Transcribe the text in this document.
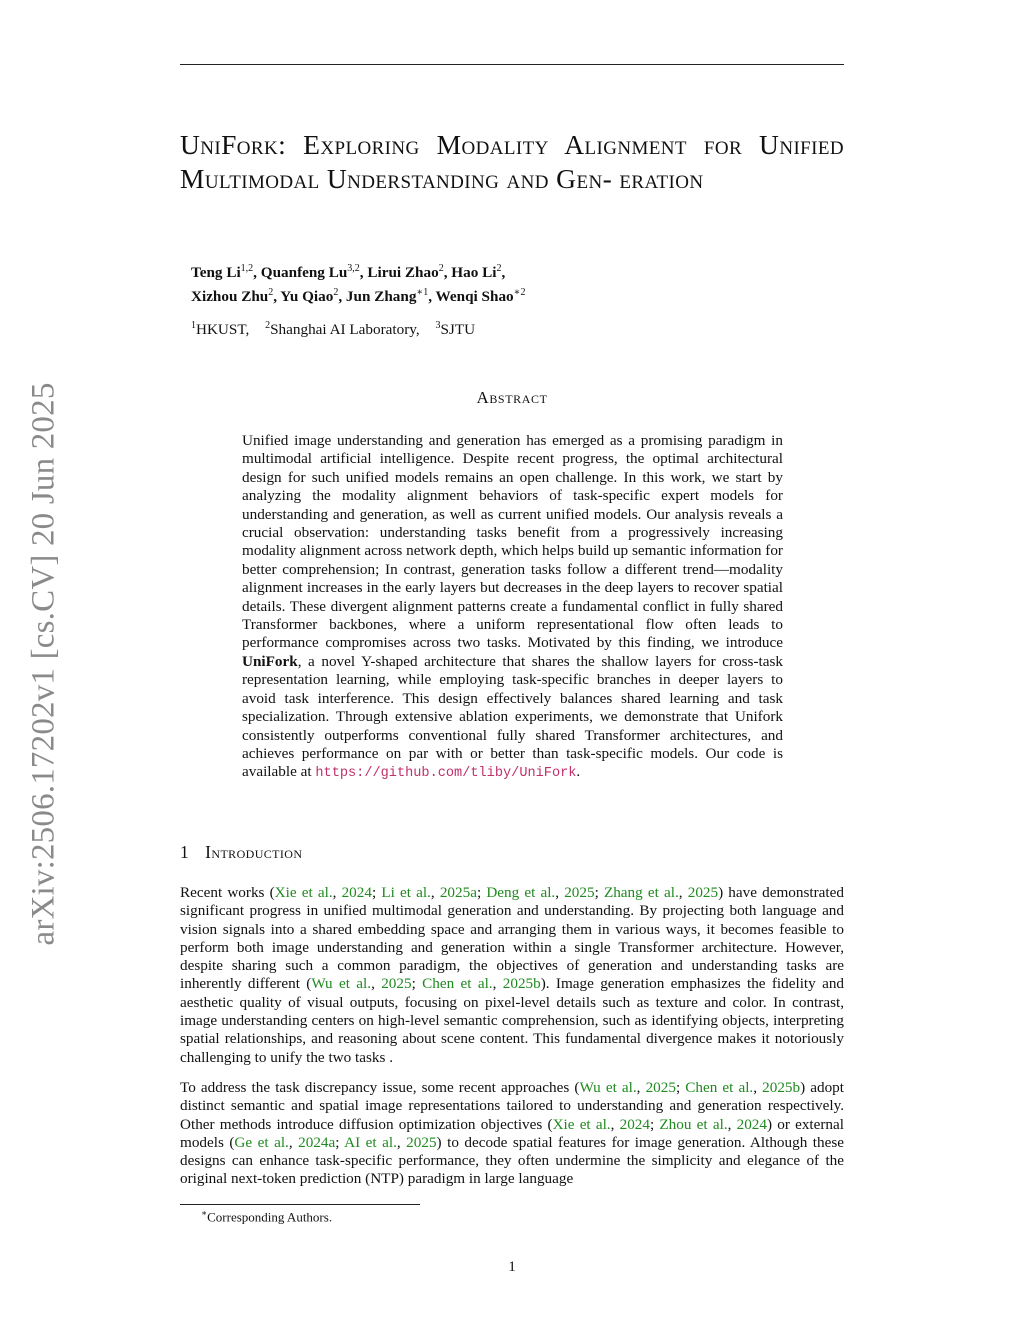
arXiv:2506.17202v1 [cs.CV] 20 Jun 2025
UniFork: Exploring Modality Alignment for Unified Multimodal Understanding and Gen- eration
Teng Li$^{1,2}$, Quanfeng Lu$^{3,2}$, Lirui Zhao$^2$, Hao Li$^2$,
Xizhou Zhu$^2$, Yu Qiao$^2$, Jun Zhang$^{∗1}$, Wenqi Shao$^{∗2}$
$^1$HKUST, $^2$Shanghai AI Laboratory, $^3$SJTU
Abstract

Unified image understanding and generation has emerged as a promising paradigm in multimodal artificial intelligence. Despite recent progress, the optimal architectural design for such unified models remains an open challenge. In this work, we start by analyzing the modality alignment behaviors of task-specific expert models for understanding and generation, as well as current unified models. Our analysis reveals a crucial observation: understanding tasks benefit from a progressively increasing modality alignment across network depth, which helps build up semantic information for better comprehension; In contrast, generation tasks follow a different trend—modality alignment increases in the early layers but decreases in the deep layers to recover spatial details. These divergent alignment patterns create a fundamental conflict in fully shared Transformer backbones, where a uniform representational flow often leads to performance compromises across two tasks. Motivated by this finding, we introduce UniFork, a novel Y-shaped architecture that shares the shallow layers for cross-task representation learning, while employing task-specific branches in deeper layers to avoid task interference. This design effectively balances shared learning and task specialization. Through extensive ablation experiments, we demonstrate that Unifork consistently outperforms conventional fully shared Transformer architectures, and achieves performance on par with or better than task-specific models. Our code is available at https://github.com/tliby/UniFork.

1 Introduction

Recent works (Xie et al., 2024; Li et al., 2025a; Deng et al., 2025; Zhang et al., 2025) have demonstrated significant progress in unified multimodal generation and understanding. By projecting both language and vision signals into a shared embedding space and arranging them in various ways, it becomes feasible to perform both image understanding and generation within a single Transformer architecture. However, despite sharing such a common paradigm, the objectives of generation and understanding tasks are inherently different (Wu et al., 2025; Chen et al., 2025b). Image generation emphasizes the fidelity and aesthetic quality of visual outputs, focusing on pixel-level details such as texture and color. In contrast, image understanding centers on high-level semantic comprehension, such as identifying objects, interpreting spatial relationships, and reasoning about scene content. This fundamental divergence makes it notoriously challenging to unify the two tasks .

To address the task discrepancy issue, some recent approaches (Wu et al., 2025; Chen et al., 2025b) adopt distinct semantic and spatial image representations tailored to understanding and generation respectively. Other methods introduce diffusion optimization objectives (Xie et al., 2024; Zhou et al., 2024) or external models (Ge et al., 2024a; AI et al., 2025) to decode spatial features for image generation. Although these designs can enhance task-specific performance, they often undermine the simplicity and elegance of the original next-token prediction (NTP) paradigm in large language

∗Corresponding Authors.
1
